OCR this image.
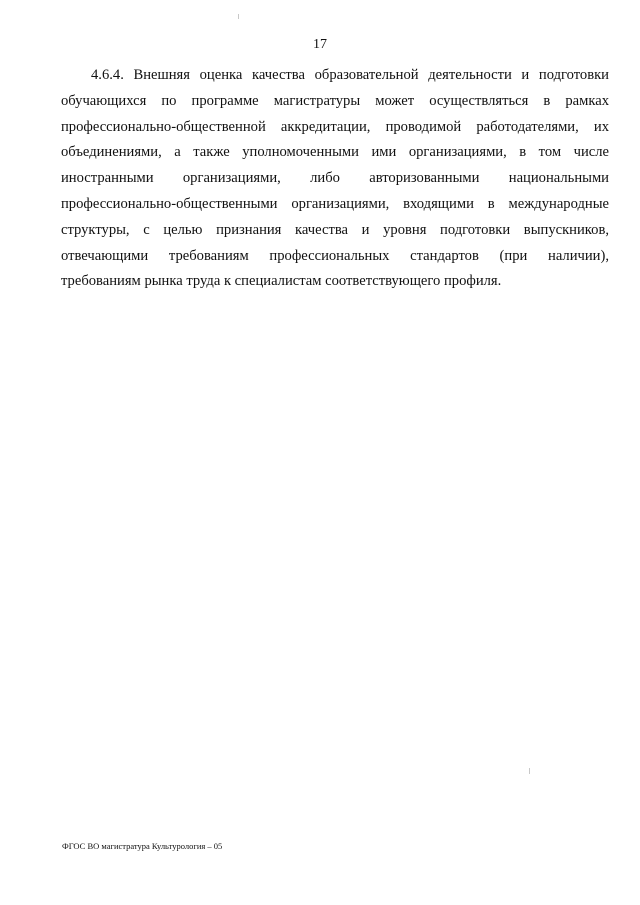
17
4.6.4. Внешняя оценка качества образовательной деятельности и подготовки
обучающихся по программе магистратуры может осуществляться в рамках
профессионально-общественной аккредитации, проводимой работодателями, их
объединениями, а также уполномоченными ими организациями, в том числе
иностранными организациями, либо авторизованными национальными
профессионально-общественными организациями, входящими в международные
структуры, с целью признания качества и уровня подготовки выпускников,
отвечающими требованиям профессиональных стандартов (при наличии),
требованиям рынка труда к специалистам соответствующего профиля.
ФГОС ВО магистратура Культурология – 05
